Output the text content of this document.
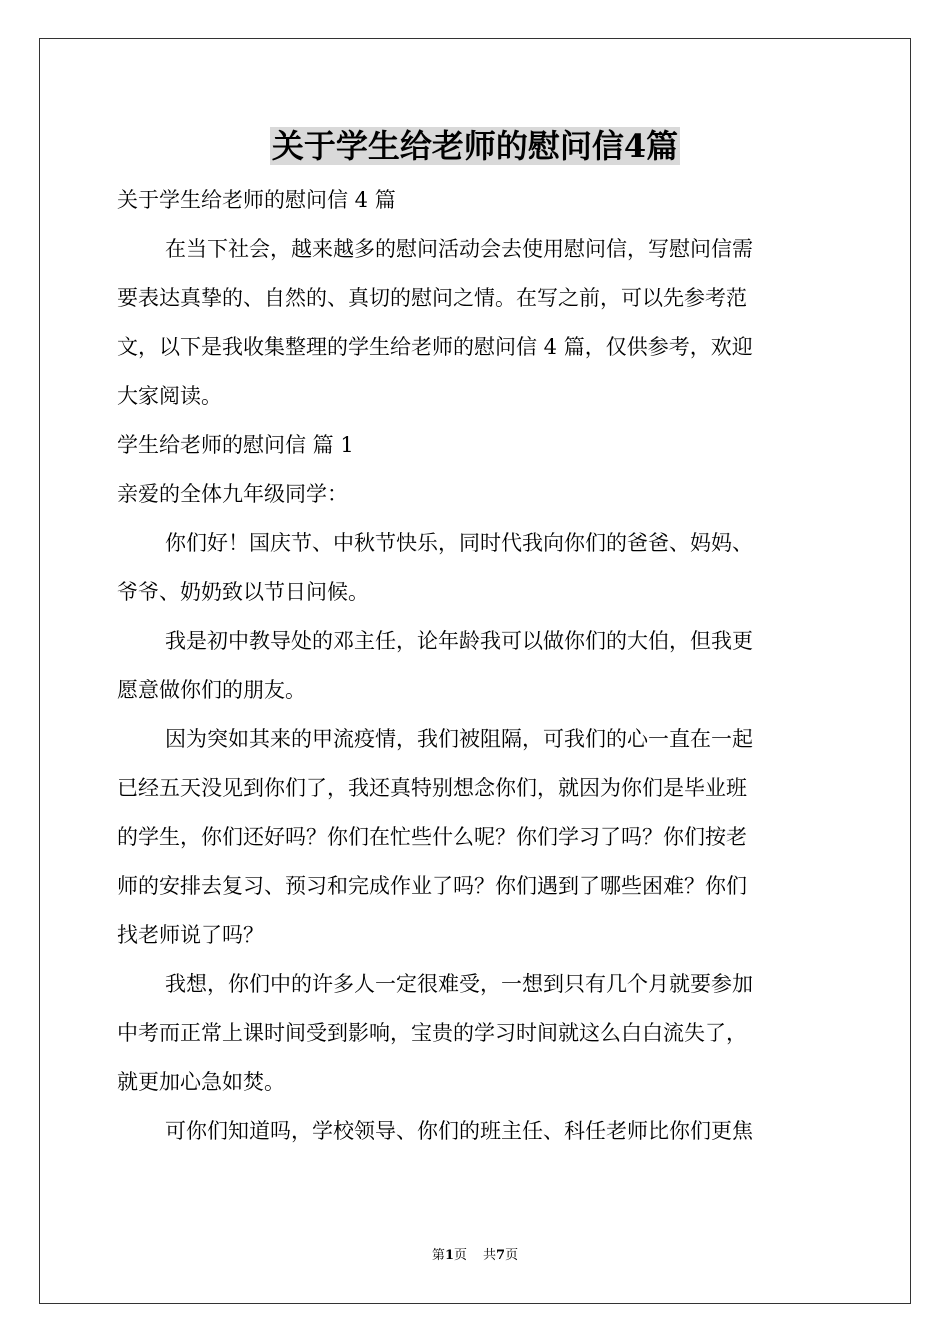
关于学生给老师的慰问信4篇

关于学生给老师的慰问信 4 篇

在当下社会，越来越多的慰问活动会去使用慰问信，写慰问信需

要表达真挚的、自然的、真切的慰问之情。在写之前，可以先参考范

文，以下是我收集整理的学生给老师的慰问信 4 篇，仅供参考，欢迎

大家阅读。

学生给老师的慰问信 篇 1

亲爱的全体九年级同学：

你们好！国庆节、中秋节快乐，同时代我向你们的爸爸、妈妈、

爷爷、奶奶致以节日问候。

我是初中教导处的邓主任，论年龄我可以做你们的大伯，但我更

愿意做你们的朋友。

因为突如其来的甲流疫情，我们被阻隔，可我们的心一直在一起

已经五天没见到你们了，我还真特别想念你们，就因为你们是毕业班

的学生，你们还好吗？你们在忙些什么呢？你们学习了吗？你们按老

师的安排去复习、预习和完成作业了吗？你们遇到了哪些困难？你们

找老师说了吗？

我想，你们中的许多人一定很难受，一想到只有几个月就要参加

中考而正常上课时间受到影响，宝贵的学习时间就这么白白流失了，

就更加心急如焚。

可你们知道吗，学校领导、你们的班主任、科任老师比你们更焦

第1页 共7页
